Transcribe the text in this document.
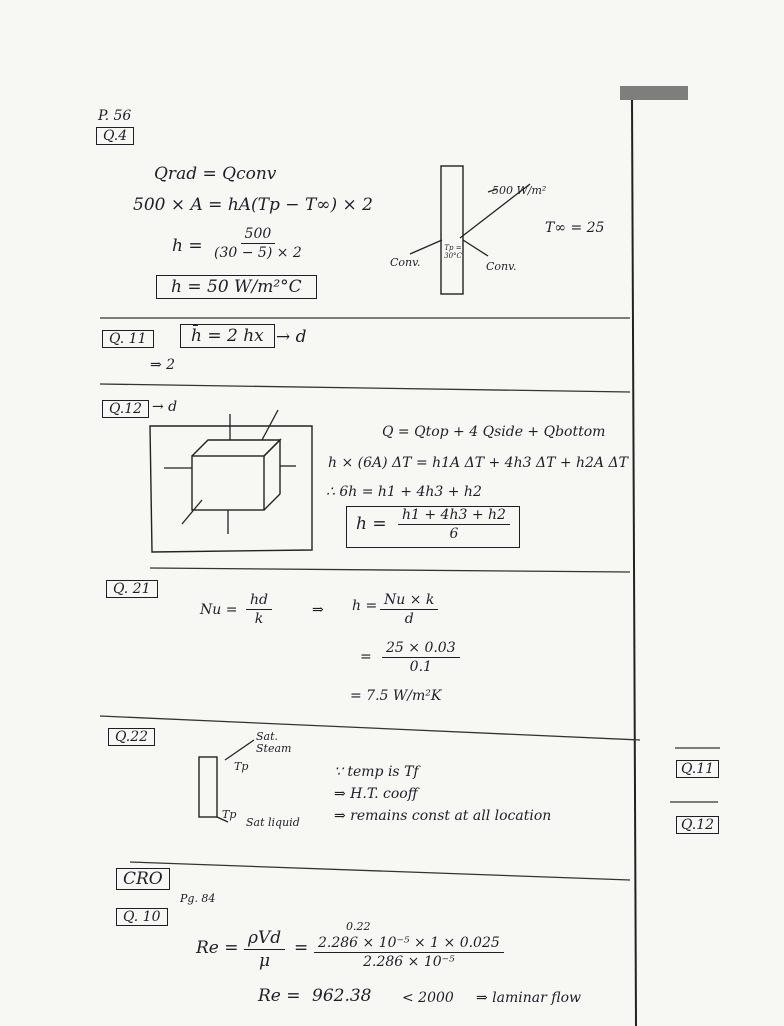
P. 56
Q.4
Qrad = Qconv
500 × A = hA(Tp − T∞) × 2
$h = \frac{500}{(30 - 5) \times 2}$
h = 50 W/m²°C
500 W/m²
T∞ = 25
Tp = 30°C
Conv.	Conv.
Q. 11	h̄ = 2 hx → d
⇒ 2
Q.12 → d
Q = Qtop + 4 Qside + Qbottom
h × (6A) ΔT = h1A ΔT + 4h3 ΔT + h2A ΔT
∴ 6h = h1 + 4h3 + h2
$h = \frac{h1 + 4h3 + h2}{6}$
Q. 21
$Nu = \frac{hd}{k}$	⇒ $h = \frac{Nu \times k}{d}$
= $\frac{25 \times 0.03}{0.1}$
= 7.5 W/m²K
Q.22	Sat. Steam
Tp
Tp
Sat liquid
∵ temp is Tf
⇒ H.T. cooff
⇒ remains const at all location
CRO
Pg. 84
Q. 10
Re = ρVd
μ
=
0.22
$\frac{\text{2.286 × 10⁻⁵ × 1 × 0.025}}{\text{2.286 × 10⁻⁵}}$
Re = 962.38 < 2000 ⇒ laminar flow
Q.11
Q.12
